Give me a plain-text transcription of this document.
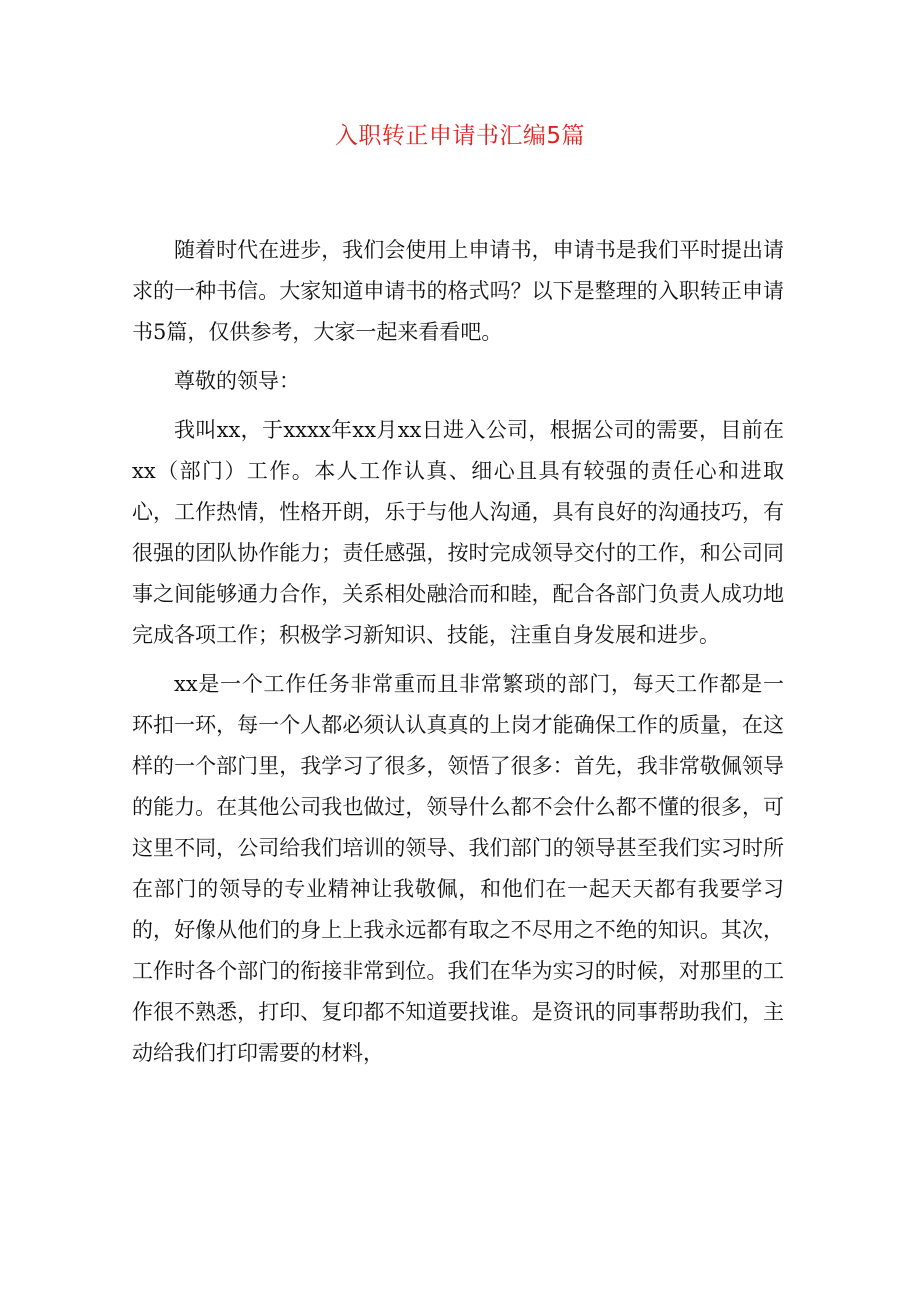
入职转正申请书汇编5篇

随着时代在进步，我们会使用上申请书，申请书是我们平时提出请求的一种书信。大家知道申请书的格式吗？以下是整理的入职转正申请书5篇，仅供参考，大家一起来看看吧。

尊敬的领导：

我叫xx，于xxxx年xx月xx日进入公司，根据公司的需要，目前在xx（部门）工作。本人工作认真、细心且具有较强的责任心和进取心，工作热情，性格开朗，乐于与他人沟通，具有良好的沟通技巧，有很强的团队协作能力；责任感强，按时完成领导交付的工作，和公司同事之间能够通力合作，关系相处融洽而和睦，配合各部门负责人成功地完成各项工作；积极学习新知识、技能，注重自身发展和进步。

xx是一个工作任务非常重而且非常繁琐的部门，每天工作都是一环扣一环，每一个人都必须认认真真的上岗才能确保工作的质量，在这样的一个部门里，我学习了很多，领悟了很多：首先，我非常敬佩领导的能力。在其他公司我也做过，领导什么都不会什么都不懂的很多，可这里不同，公司给我们培训的领导、我们部门的领导甚至我们实习时所在部门的领导的专业精神让我敬佩，和他们在一起天天都有我要学习的，好像从他们的身上上我永远都有取之不尽用之不绝的知识。其次，工作时各个部门的衔接非常到位。我们在华为实习的时候，对那里的工作很不熟悉，打印、复印都不知道要找谁。是资讯的同事帮助我们，主动给我们打印需要的材料，
